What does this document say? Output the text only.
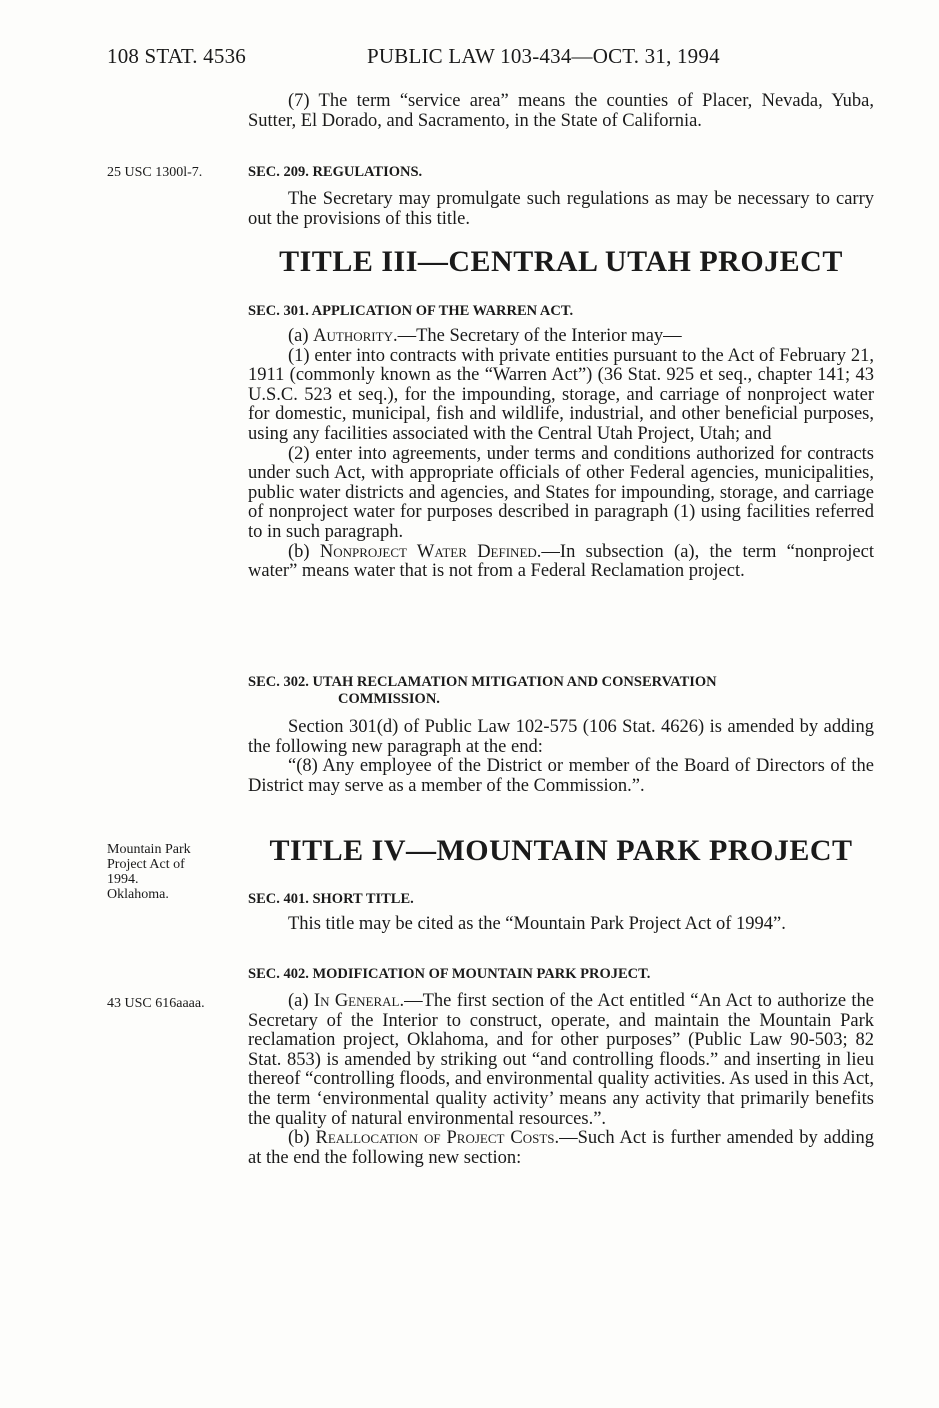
108 STAT. 4536	PUBLIC LAW 103-434—OCT. 31, 1994

(7) The term “service area” means the counties of Placer, Nevada, Yuba, Sutter, El Dorado, and Sacramento, in the State of California.

25 USC 1300l-7.	SEC. 209. REGULATIONS.

The Secretary may promulgate such regulations as may be necessary to carry out the provisions of this title.

TITLE III—CENTRAL UTAH PROJECT
SEC. 301. APPLICATION OF THE WARREN ACT.

(a) Authority.—The Secretary of the Interior may—

(1) enter into contracts with private entities pursuant to the Act of February 21, 1911 (commonly known as the “Warren Act”) (36 Stat. 925 et seq., chapter 141; 43 U.S.C. 523 et seq.), for the impounding, storage, and carriage of nonproject water for domestic, municipal, fish and wildlife, industrial, and other beneficial purposes, using any facilities associated with the Central Utah Project, Utah; and

(2) enter into agreements, under terms and conditions authorized for contracts under such Act, with appropriate officials of other Federal agencies, municipalities, public water districts and agencies, and States for impounding, storage, and carriage of nonproject water for purposes described in paragraph (1) using facilities referred to in such paragraph.

(b) Nonproject Water Defined.—In subsection (a), the term “nonproject water” means water that is not from a Federal Reclamation project.

SEC. 302. UTAH RECLAMATION MITIGATION AND CONSERVATION
COMMISSION.

Section 301(d) of Public Law 102-575 (106 Stat. 4626) is amended by adding the following new paragraph at the end:

“(8) Any employee of the District or member of the Board of Directors of the District may serve as a member of the Commission.”.

Mountain Park
Project Act of
1994.
Oklahoma.
TITLE IV—MOUNTAIN PARK PROJECT
SEC. 401. SHORT TITLE.

This title may be cited as the “Mountain Park Project Act of 1994”.

SEC. 402. MODIFICATION OF MOUNTAIN PARK PROJECT.
43 USC 616aaaa.	(a) In General.—The first section of the Act entitled “An Act to authorize the Secretary of the Interior to construct, operate, and maintain the Mountain Park reclamation project, Oklahoma, and for other purposes” (Public Law 90-503; 82 Stat. 853) is amended by striking out “and controlling floods.” and inserting in lieu thereof “controlling floods, and environmental quality activities. As used in this Act, the term ‘environmental quality activity’ means any activity that primarily benefits the quality of natural environmental resources.”.

(b) Reallocation of Project Costs.—Such Act is further amended by adding at the end the following new section:
